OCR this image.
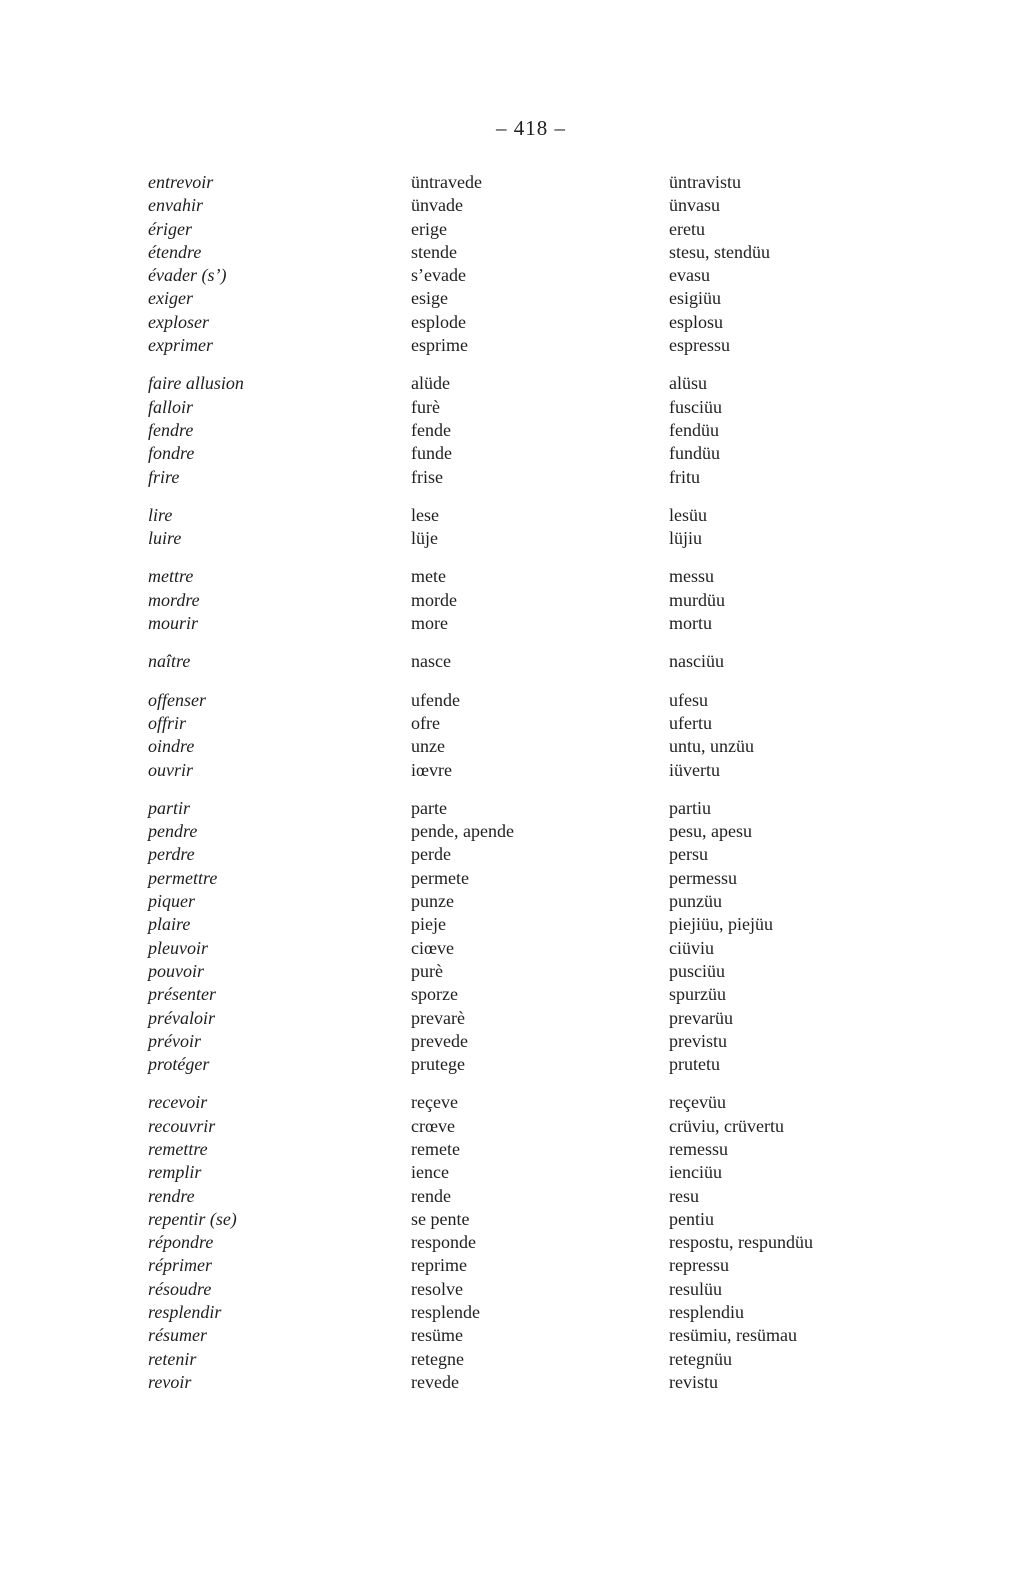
– 418 –
entrevoir	üntravede	üntravistu
envahir	ünvade	ünvasu
ériger	erige	eretu
étendre	stende	stesu, stendüu
évader (s’)	s’evade	evasu
exiger	esige	esigiüu
exploser	esplode	esplosu
exprimer	esprime	espressu
faire allusion	alüde	alüsu
falloir	furè	fusciüu
fendre	fende	fendüu
fondre	funde	fundüu
frire	frise	fritu
lire	lese	lesüu
luire	lüje	lüjiu
mettre	mete	messu
mordre	morde	murdüu
mourir	more	mortu
naître	nasce	nasciüu
offenser	ufende	ufesu
offrir	ofre	ufertu
oindre	unze	untu, unzüu
ouvrir	iœvre	iüvertu
partir	parte	partiu
pendre	pende, apende	pesu, apesu
perdre	perde	persu
permettre	permete	permessu
piquer	punze	punzüu
plaire	pieje	piejiüu, piejüu
pleuvoir	ciœve	ciüviu
pouvoir	purè	pusciüu
présenter	sporze	spurzüu
prévaloir	prevarè	prevarüu
prévoir	prevede	previstu
protéger	prutege	prutetu
recevoir	reçeve	reçevüu
recouvrir	crœve	crüviu, crüvertu
remettre	remete	remessu
remplir	ience	ienciüu
rendre	rende	resu
repentir (se)	se pente	pentiu
répondre	responde	respostu, respundüu
réprimer	reprime	repressu
résoudre	resolve	resulüu
resplendir	resplende	resplendiu
résumer	resüme	resümiu, resümau
retenir	retegne	retegnüu
revoir	revede	revistu
